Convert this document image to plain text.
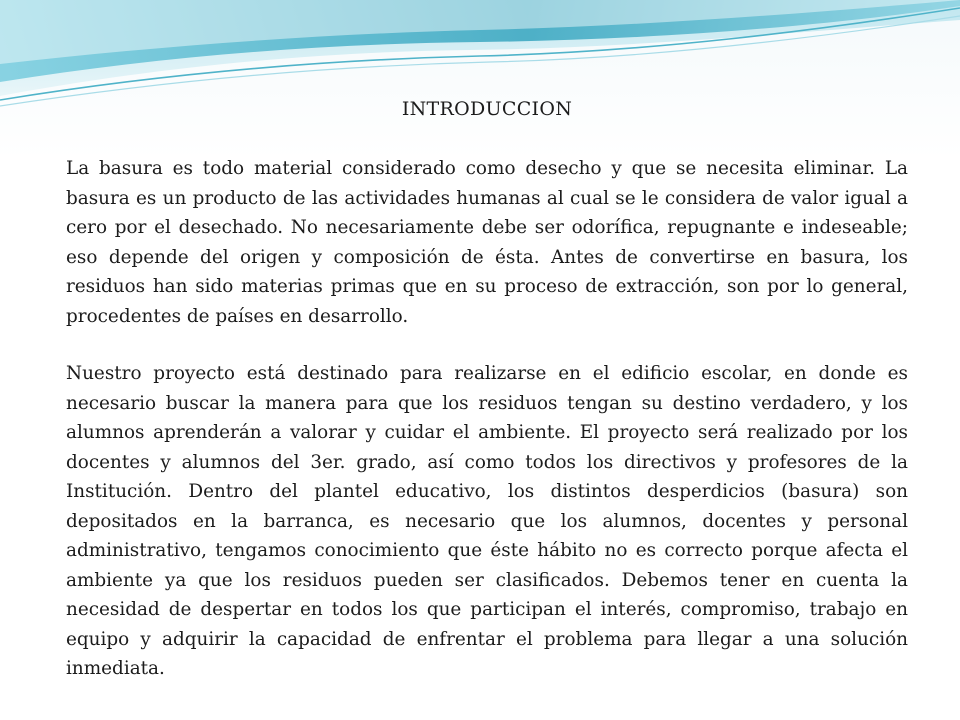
INTRODUCCION

La basura es todo material considerado como desecho y que se necesita eliminar. La basura es un producto de las actividades humanas al cual se le considera de valor igual a cero por el desechado. No necesariamente debe ser odorífica, repugnante e indeseable; eso depende del origen y composición de ésta. Antes de convertirse en basura, los residuos han sido materias primas que en su proceso de extracción, son por lo general, procedentes de países en desarrollo.

Nuestro proyecto está destinado para realizarse en el edificio escolar, en donde es necesario buscar la manera para que los residuos tengan su destino verdadero, y los alumnos aprenderán a valorar y cuidar el ambiente. El proyecto será realizado por los docentes y alumnos del 3er. grado, así como todos los directivos y profesores de la Institución. Dentro del plantel educativo, los distintos desperdicios (basura) son depositados en la barranca, es necesario que los alumnos, docentes y personal administrativo, tengamos conocimiento que éste hábito no es correcto porque afecta el ambiente ya que los residuos pueden ser clasificados. Debemos tener en cuenta la necesidad de despertar en todos los que participan el interés, compromiso, trabajo en equipo y adquirir la capacidad de enfrentar el problema para llegar a una solución inmediata.
